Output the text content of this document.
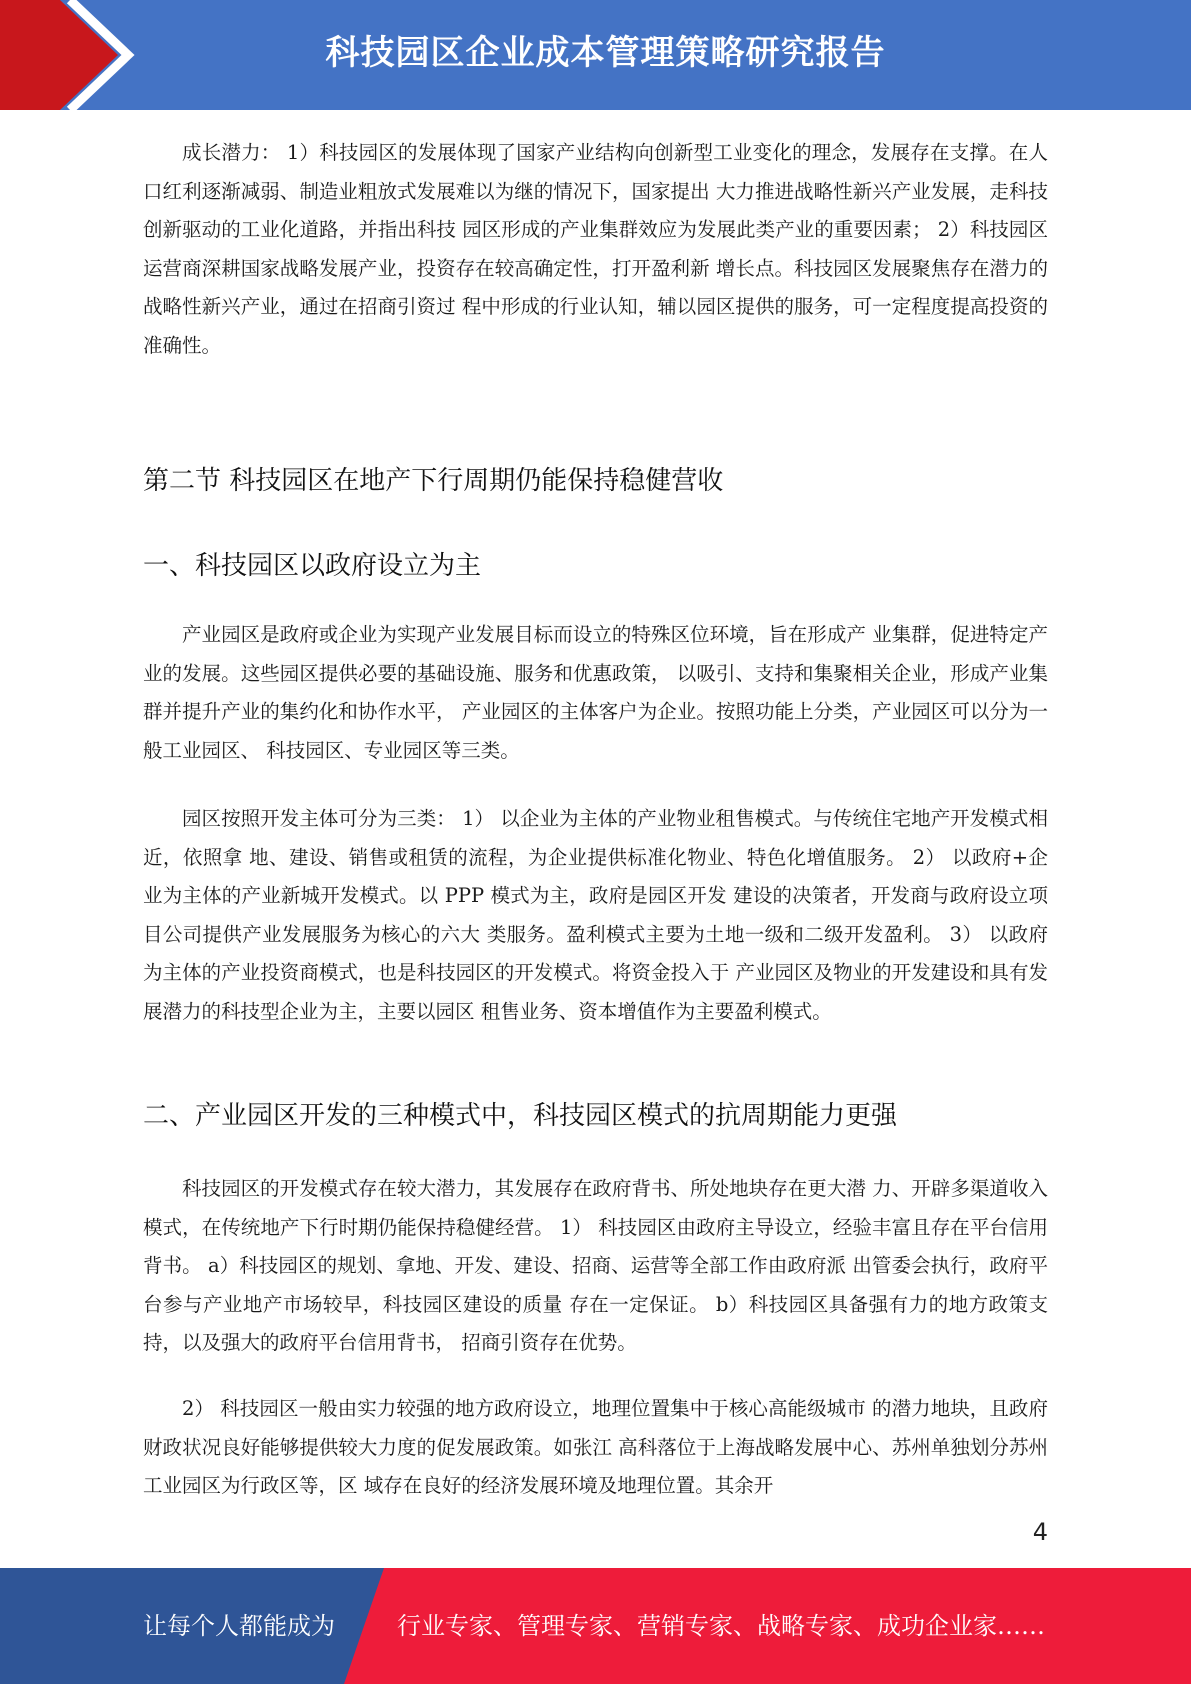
科技园区企业成本管理策略研究报告

成长潜力： 1）科技园区的发展体现了国家产业结构向创新型工业变化的理念，发展存在支撑。在人口红利逐渐减弱、制造业粗放式发展难以为继的情况下，国家提出 大力推进战略性新兴产业发展，走科技创新驱动的工业化道路，并指出科技 园区形成的产业集群效应为发展此类产业的重要因素； 2）科技园区运营商深耕国家战略发展产业，投资存在较高确定性，打开盈利新 增长点。科技园区发展聚焦存在潜力的战略性新兴产业，通过在招商引资过 程中形成的行业认知，辅以园区提供的服务，可一定程度提高投资的准确性。

第二节 科技园区在地产下行周期仍能保持稳健营收
一、科技园区以政府设立为主

产业园区是政府或企业为实现产业发展目标而设立的特殊区位环境，旨在形成产 业集群，促进特定产业的发展。这些园区提供必要的基础设施、服务和优惠政策， 以吸引、支持和集聚相关企业，形成产业集群并提升产业的集约化和协作水平， 产业园区的主体客户为企业。按照功能上分类，产业园区可以分为一般工业园区、 科技园区、专业园区等三类。

园区按照开发主体可分为三类： 1） 以企业为主体的产业物业租售模式。与传统住宅地产开发模式相近，依照拿 地、建设、销售或租赁的流程，为企业提供标准化物业、特色化增值服务。 2） 以政府+企业为主体的产业新城开发模式。以 PPP 模式为主，政府是园区开发 建设的决策者，开发商与政府设立项目公司提供产业发展服务为核心的六大 类服务。盈利模式主要为土地一级和二级开发盈利。 3） 以政府为主体的产业投资商模式，也是科技园区的开发模式。将资金投入于 产业园区及物业的开发建设和具有发展潜力的科技型企业为主，主要以园区 租售业务、资本增值作为主要盈利模式。

二、产业园区开发的三种模式中，科技园区模式的抗周期能力更强

科技园区的开发模式存在较大潜力，其发展存在政府背书、所处地块存在更大潜 力、开辟多渠道收入模式，在传统地产下行时期仍能保持稳健经营。 1） 科技园区由政府主导设立，经验丰富且存在平台信用背书。 a）科技园区的规划、拿地、开发、建设、招商、运营等全部工作由政府派 出管委会执行，政府平台参与产业地产市场较早，科技园区建设的质量 存在一定保证。 b）科技园区具备强有力的地方政策支持，以及强大的政府平台信用背书， 招商引资存在优势。

2） 科技园区一般由实力较强的地方政府设立，地理位置集中于核心高能级城市 的潜力地块，且政府财政状况良好能够提供较大力度的促发展政策。如张江 高科落位于上海战略发展中心、苏州单独划分苏州工业园区为行政区等，区 域存在良好的经济发展环境及地理位置。其余开

4
让每个人都能成为	行业专家、管理专家、营销专家、战略专家、成功企业家……
